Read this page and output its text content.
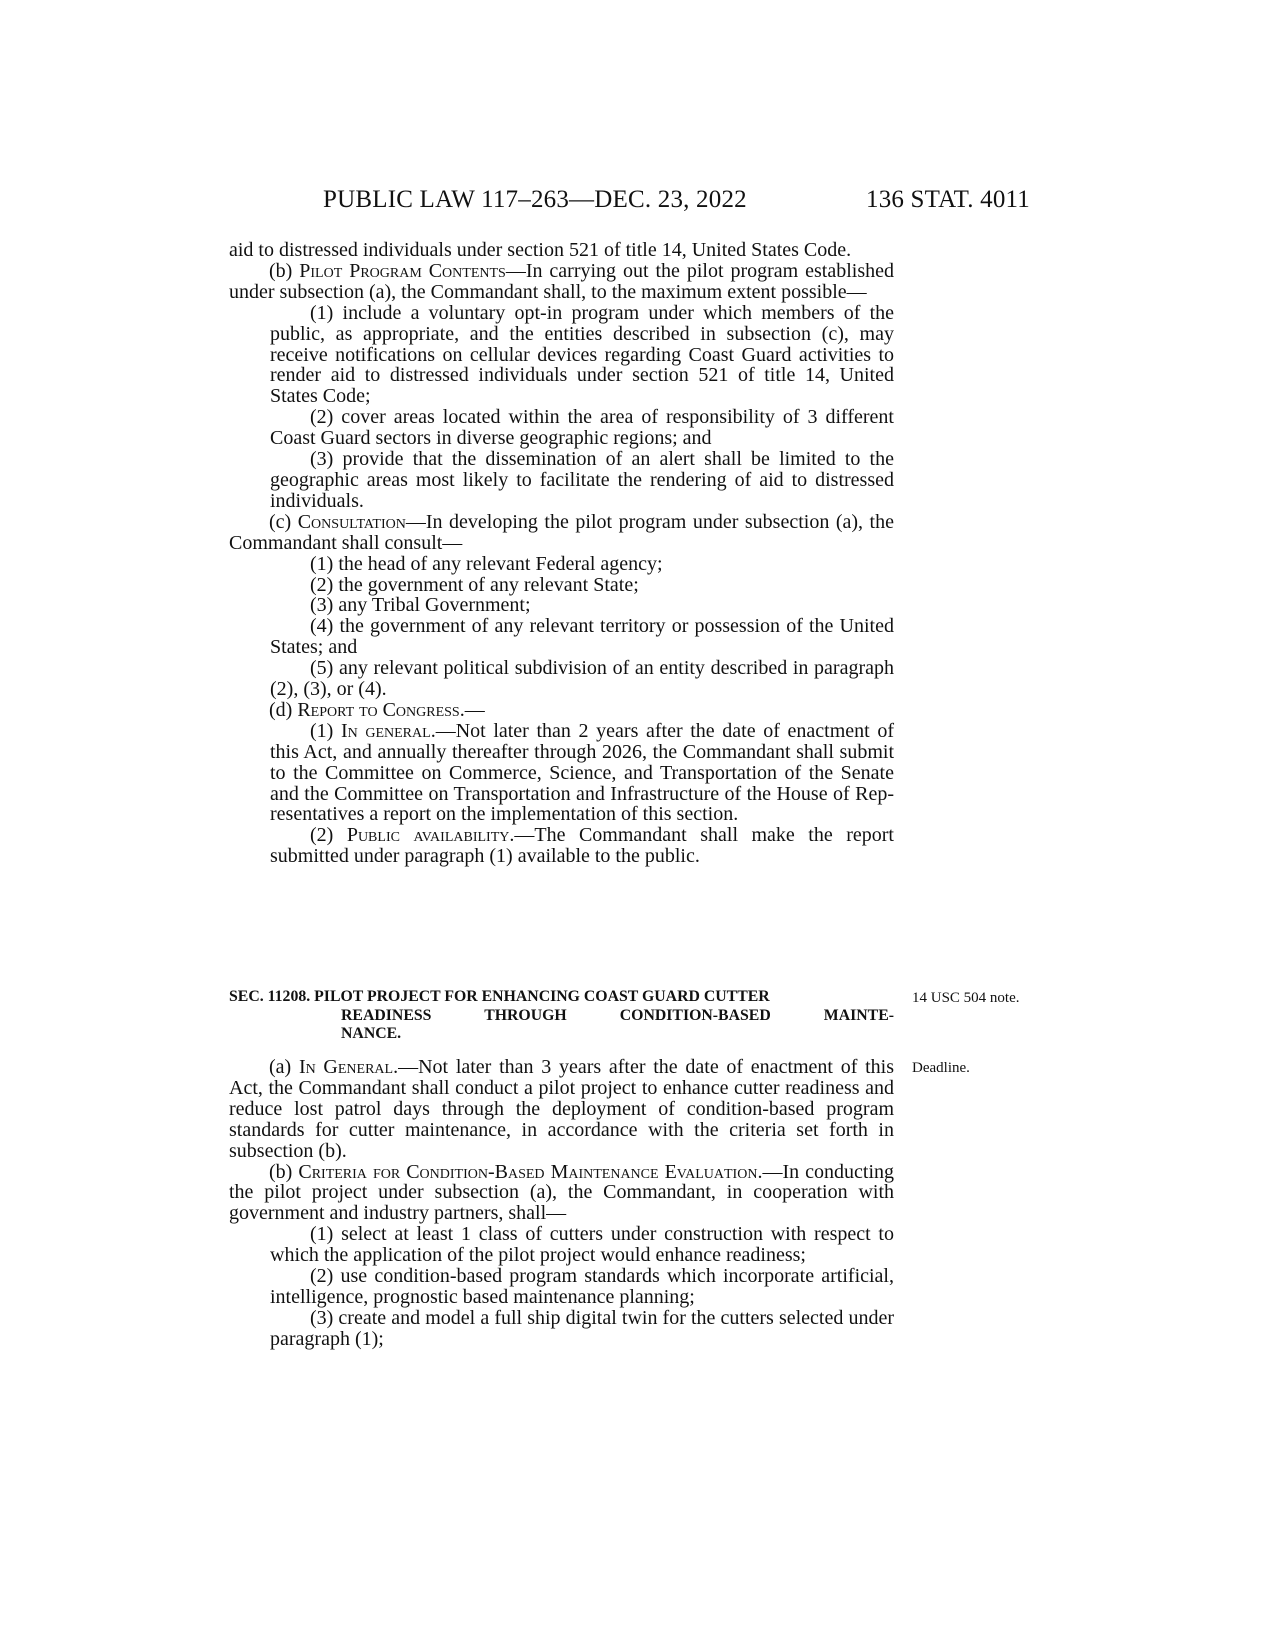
PUBLIC LAW 117–263—DEC. 23, 2022	136 STAT. 4011

aid to distressed individuals under section 521 of title 14, United States Code.

(b) Pilot Program Contents—In carrying out the pilot program established under subsection (a), the Commandant shall, to the maximum extent possible—

(1) include a voluntary opt-in program under which members of the public, as appropriate, and the entities described in subsection (c), may receive notifications on cellular devices regarding Coast Guard activities to render aid to distressed individuals under section 521 of title 14, United States Code;

(2) cover areas located within the area of responsibility of 3 different Coast Guard sectors in diverse geographic regions; and

(3) provide that the dissemination of an alert shall be limited to the geographic areas most likely to facilitate the rendering of aid to distressed individuals.

(c) Consultation—In developing the pilot program under subsection (a), the Commandant shall consult—

(1) the head of any relevant Federal agency;

(2) the government of any relevant State;

(3) any Tribal Government;

(4) the government of any relevant territory or possession of the United States; and

(5) any relevant political subdivision of an entity described in paragraph (2), (3), or (4).

(d) Report to Congress.—

(1) In general.—Not later than 2 years after the date of enactment of this Act, and annually thereafter through 2026, the Commandant shall submit to the Committee on Commerce, Science, and Transportation of the Senate and the Committee on Transportation and Infrastructure of the House of Representatives a report on the implementation of this section.

(2) Public availability.—The Commandant shall make the report submitted under paragraph (1) available to the public.

SEC. 11208. PILOT PROJECT FOR ENHANCING COAST GUARD CUTTER
READINESS THROUGH CONDITION-BASED MAINTE-
NANCE.

(a) In General.—Not later than 3 years after the date of enactment of this Act, the Commandant shall conduct a pilot project to enhance cutter readiness and reduce lost patrol days through the deployment of condition-based program standards for cutter maintenance, in accordance with the criteria set forth in subsection (b).

(b) Criteria for Condition-Based Maintenance Evaluation.—In conducting the pilot project under subsection (a), the Commandant, in cooperation with government and industry partners, shall—

(1) select at least 1 class of cutters under construction with respect to which the application of the pilot project would enhance readiness;

(2) use condition-based program standards which incorporate artificial, intelligence, prognostic based maintenance planning;

(3) create and model a full ship digital twin for the cutters selected under paragraph (1);

14 USC 504 note.
Deadline.
